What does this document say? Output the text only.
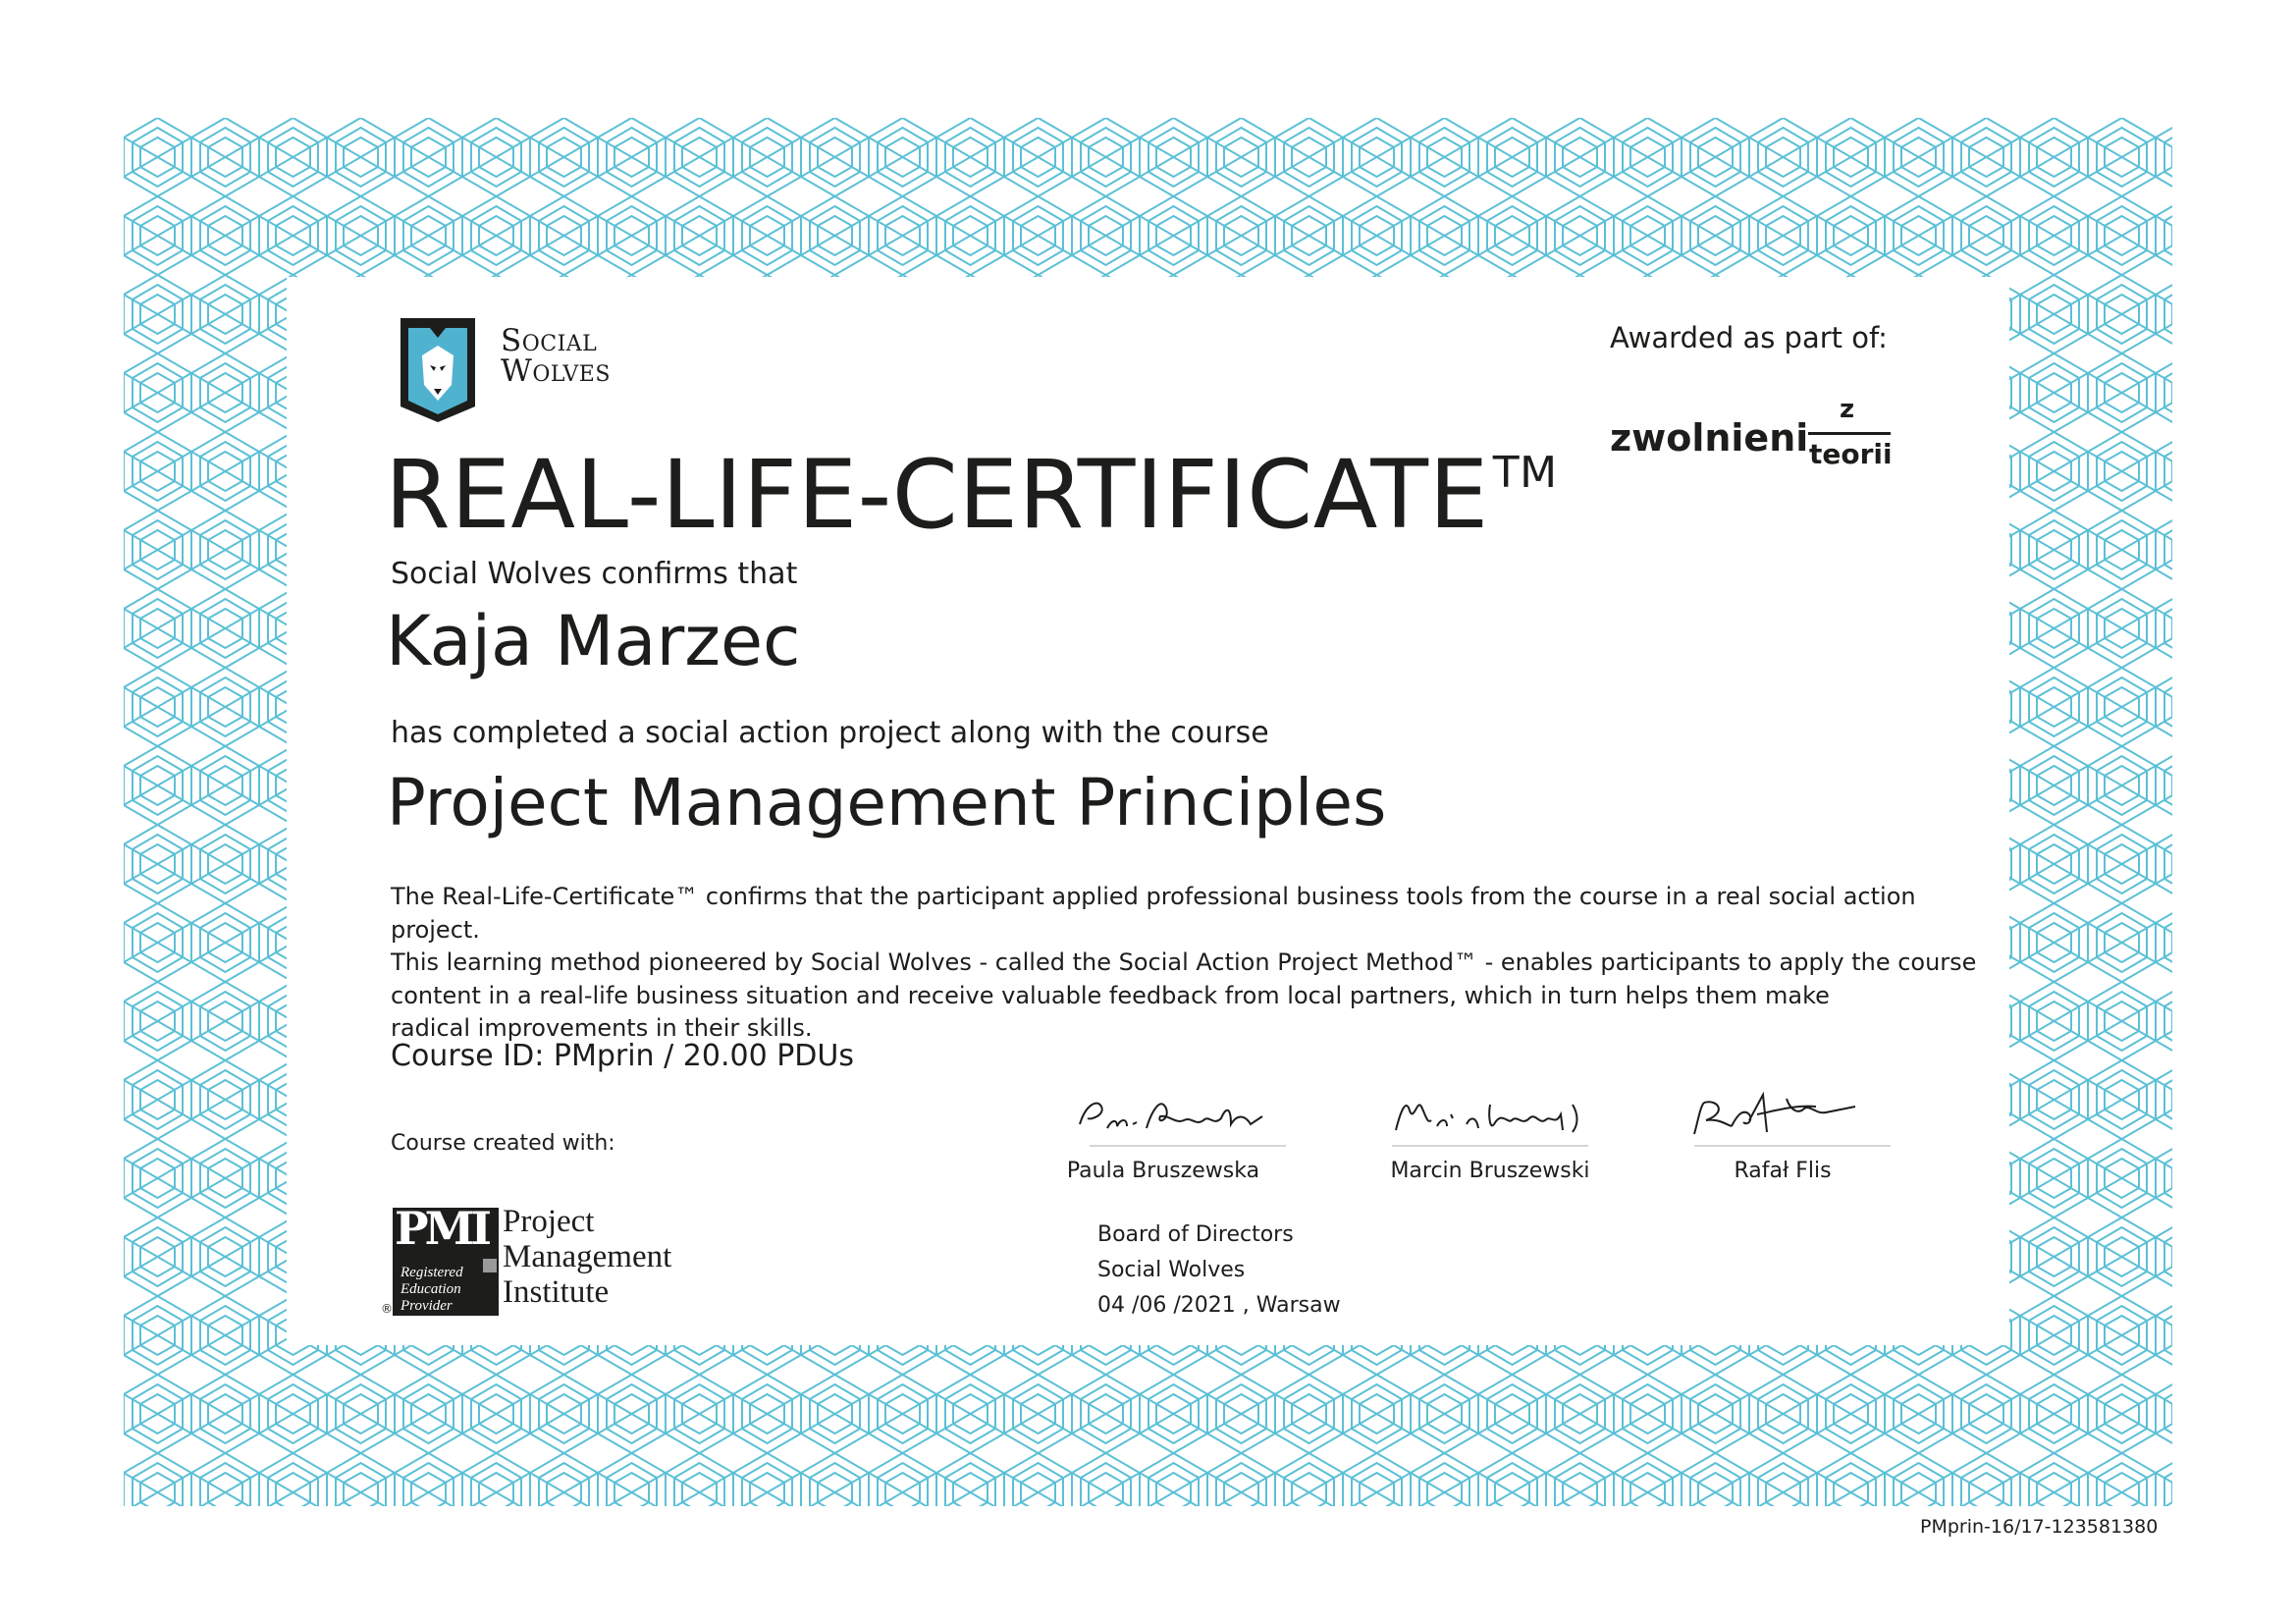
Social
Wolves
Awarded as part of:
zwolnieni
z
teorii
REAL-LIFE-CERTIFICATE™
Social Wolves confirms that
Kaja Marzec
has completed a social action project along with the course
Project Management Principles

The Real-Life-Certificate™ confirms that the participant applied professional business tools from the course in a real social action project.

This learning method pioneered by Social Wolves - called the Social Action Project Method™ - enables participants to apply the course

content in a real-life business situation and receive valuable feedback from local partners, which in turn helps them make

radical improvements in their skills.

Course ID: PMprin / 20.00 PDUs
Course created with:
PMI
Registered
Education
Provider
®
Project
Management
Institute
Paula Bruszewska	Marcin Bruszewski	Rafał Flis
Board of Directors
Social Wolves
04 /06 /2021 , Warsaw
PMprin-16/17-123581380
